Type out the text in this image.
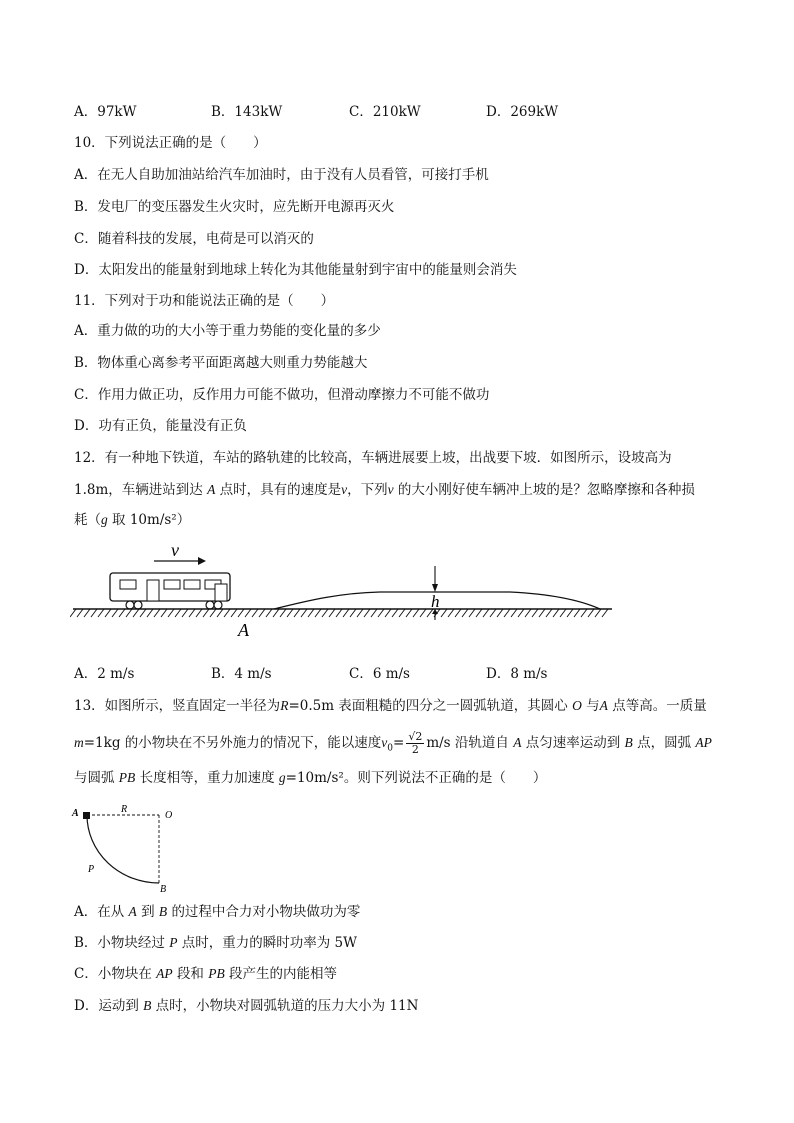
A．97kW	B．143kW	C．210kW	D．269kW
10．下列说法正确的是（　　）
A．在无人自助加油站给汽车加油时，由于没有人员看管，可接打手机
B．发电厂的变压器发生火灾时，应先断开电源再灭火
C．随着科技的发展，电荷是可以消灭的
D．太阳发出的能量射到地球上转化为其他能量射到宇宙中的能量则会消失
11．下列对于功和能说法正确的是（　　）
A．重力做的功的大小等于重力势能的变化量的多少
B．物体重心离参考平面距离越大则重力势能越大
C．作用力做正功，反作用力可能不做功，但滑动摩擦力不可能不做功
D．功有正负，能量没有正负
12．有一种地下铁道，车站的路轨建的比较高，车辆进展要上坡，出战要下坡．如图所示，设坡高为
1.8m，车辆进站到达 A 点时，具有的速度是v，下列v 的大小刚好使车辆冲上坡的是？忽略摩擦和各种损
耗（g 取 10m/s²）
v
h
A
A．2 m/s	B．4 m/s	C．6 m/s	D．8 m/s
13．如图所示，竖直固定一半径为R=0.5m 表面粗糙的四分之一圆弧轨道，其圆心 O 与A 点等高。一质量
m=1kg 的小物块在不另外施力的情况下，能以速度$v_0= \frac{√2}{2} m/s$ 沿轨道自 A 点匀速率运动到 B 点，圆弧 AP
与圆弧 PB 长度相等，重力加速度 g=10m/s²。则下列说法不正确的是（　　）
A	R
O
P
B
A．在从 A 到 B 的过程中合力对小物块做功为零
B．小物块经过 P 点时，重力的瞬时功率为 5W
C．小物块在 AP 段和 PB 段产生的内能相等
D．运动到 B 点时，小物块对圆弧轨道的压力大小为 11N
